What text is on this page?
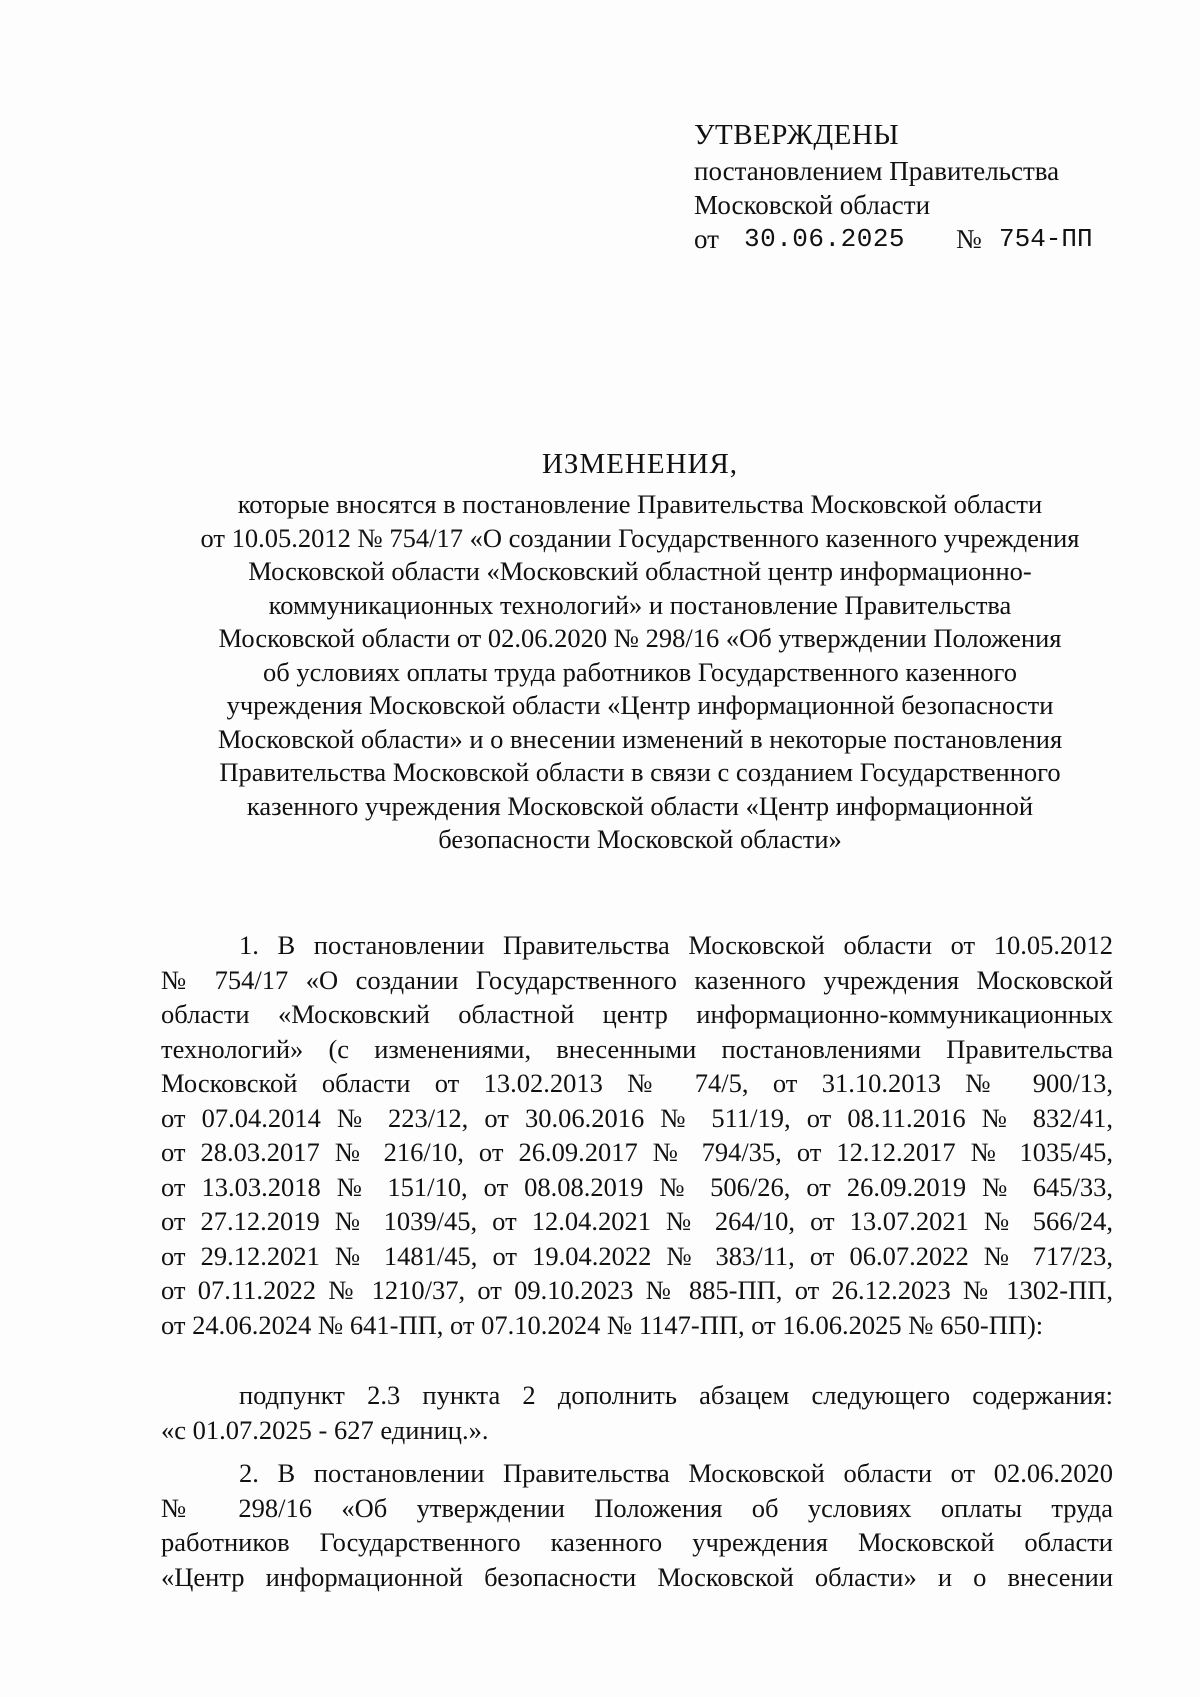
УТВЕРЖДЕНЫ
постановлением Правительства
Московской области
от 30.06.2025 № 754-ПП
ИЗМЕНЕНИЯ,
которые вносятся в постановление Правительства Московской области
от 10.05.2012 № 754/17 «О создании Государственного казенного учреждения
Московской области «Московский областной центр информационно-
коммуникационных технологий» и постановление Правительства
Московской области от 02.06.2020 № 298/16 «Об утверждении Положения
об условиях оплаты труда работников Государственного казенного
учреждения Московской области «Центр информационной безопасности
Московской области» и о внесении изменений в некоторые постановления
Правительства Московской области в связи с созданием Государственного
казенного учреждения Московской области «Центр информационной
безопасности Московской области»
1. В постановлении Правительства Московской области от 10.05.2012
№ 754/17 «О создании Государственного казенного учреждения Московской
области «Московский областной центр информационно-коммуникационных
технологий» (с изменениями, внесенными постановлениями Правительства
Московской области от 13.02.2013 № 74/5, от 31.10.2013 № 900/13,
от 07.04.2014 № 223/12, от 30.06.2016 № 511/19, от 08.11.2016 № 832/41,
от 28.03.2017 № 216/10, от 26.09.2017 № 794/35, от 12.12.2017 № 1035/45,
от 13.03.2018 № 151/10, от 08.08.2019 № 506/26, от 26.09.2019 № 645/33,
от 27.12.2019 № 1039/45, от 12.04.2021 № 264/10, от 13.07.2021 № 566/24,
от 29.12.2021 № 1481/45, от 19.04.2022 № 383/11, от 06.07.2022 № 717/23,
от 07.11.2022 № 1210/37, от 09.10.2023 № 885-ПП, от 26.12.2023 № 1302-ПП,
от 24.06.2024 № 641-ПП, от 07.10.2024 № 1147-ПП, от 16.06.2025 № 650-ПП):
подпункт 2.3 пункта 2 дополнить абзацем следующего содержания:
«с 01.07.2025 - 627 единиц.».
2. В постановлении Правительства Московской области от 02.06.2020
№ 298/16 «Об утверждении Положения об условиях оплаты труда
работников Государственного казенного учреждения Московской области
«Центр информационной безопасности Московской области» и о внесении
